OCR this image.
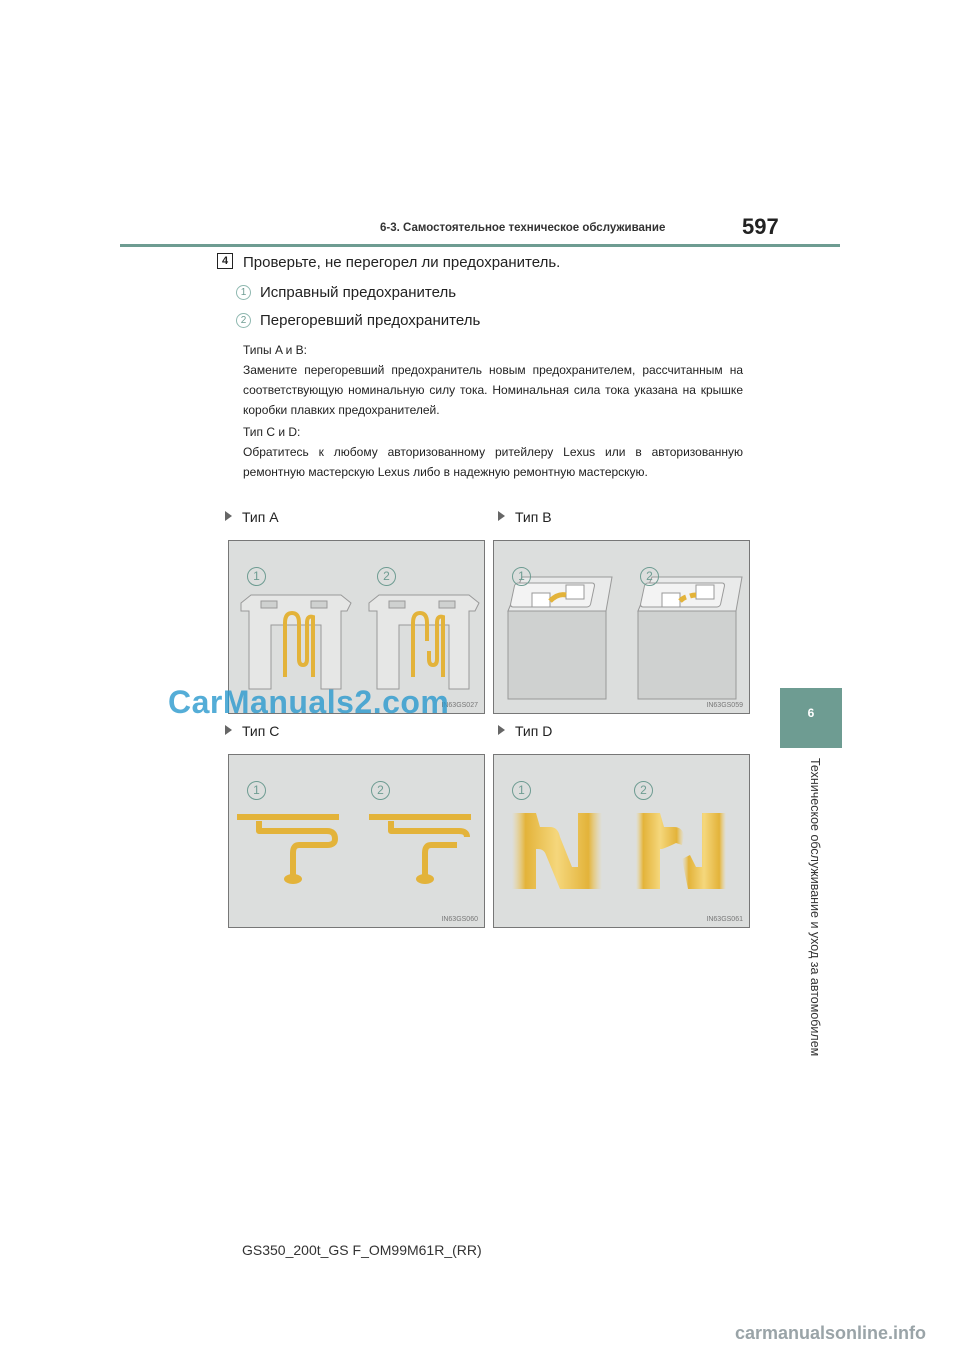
6-3. Самостоятельное техническое обслуживание	597
6
Техническое обслуживание и уход за автомобилем
4 Проверьте, не перегорел ли предохранитель.
1 Исправный предохранитель
2 Перегоревший предохранитель

Типы A и B:

Замените перегоревший предохранитель новым предохранителем, рассчитанным на соответствующую номинальную силу тока. Номинальная сила тока указана на крышке коробки плавких предохранителей.

Тип C и D:

Обратитесь к любому авторизованному ритейлеру Lexus или в авторизованную ремонтную мастерскую Lexus либо в надежную ремонтную мастерскую.

Тип A	Тип B
Тип C	Тип D
1	2
IN63GS027
1	2
IN63GS059
1	2
IN63GS060
1	2
IN63GS061
GS350_200t_GS F_OM99M61R_(RR)
CarManuals2.com
carmanualsonline.info
